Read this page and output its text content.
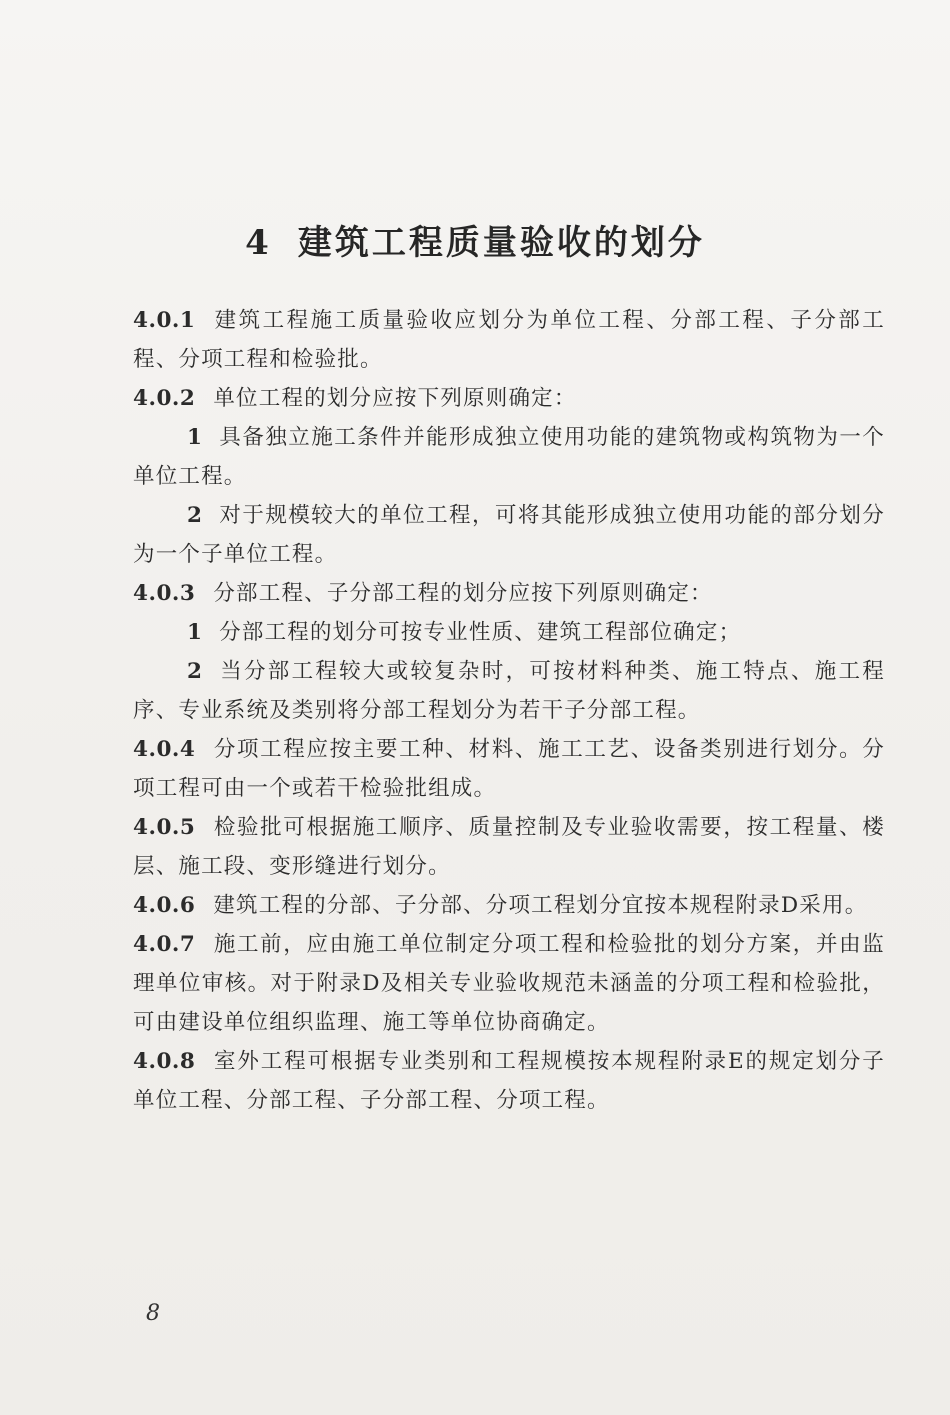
4 建筑工程质量验收的划分

4.0.1 建筑工程施工质量验收应划分为单位工程、分部工程、子分部工程、分项工程和检验批。

4.0.2 单位工程的划分应按下列原则确定：

1 具备独立施工条件并能形成独立使用功能的建筑物或构筑物为一个单位工程。

2 对于规模较大的单位工程，可将其能形成独立使用功能的部分划分为一个子单位工程。

4.0.3 分部工程、子分部工程的划分应按下列原则确定：

1 分部工程的划分可按专业性质、建筑工程部位确定；

2 当分部工程较大或较复杂时，可按材料种类、施工特点、施工程序、专业系统及类别将分部工程划分为若干子分部工程。

4.0.4 分项工程应按主要工种、材料、施工工艺、设备类别进行划分。分项工程可由一个或若干检验批组成。

4.0.5 检验批可根据施工顺序、质量控制及专业验收需要，按工程量、楼层、施工段、变形缝进行划分。

4.0.6 建筑工程的分部、子分部、分项工程划分宜按本规程附录D采用。

4.0.7 施工前，应由施工单位制定分项工程和检验批的划分方案，并由监理单位审核。对于附录D及相关专业验收规范未涵盖的分项工程和检验批，可由建设单位组织监理、施工等单位协商确定。

4.0.8 室外工程可根据专业类别和工程规模按本规程附录E的规定划分子单位工程、分部工程、子分部工程、分项工程。

8
